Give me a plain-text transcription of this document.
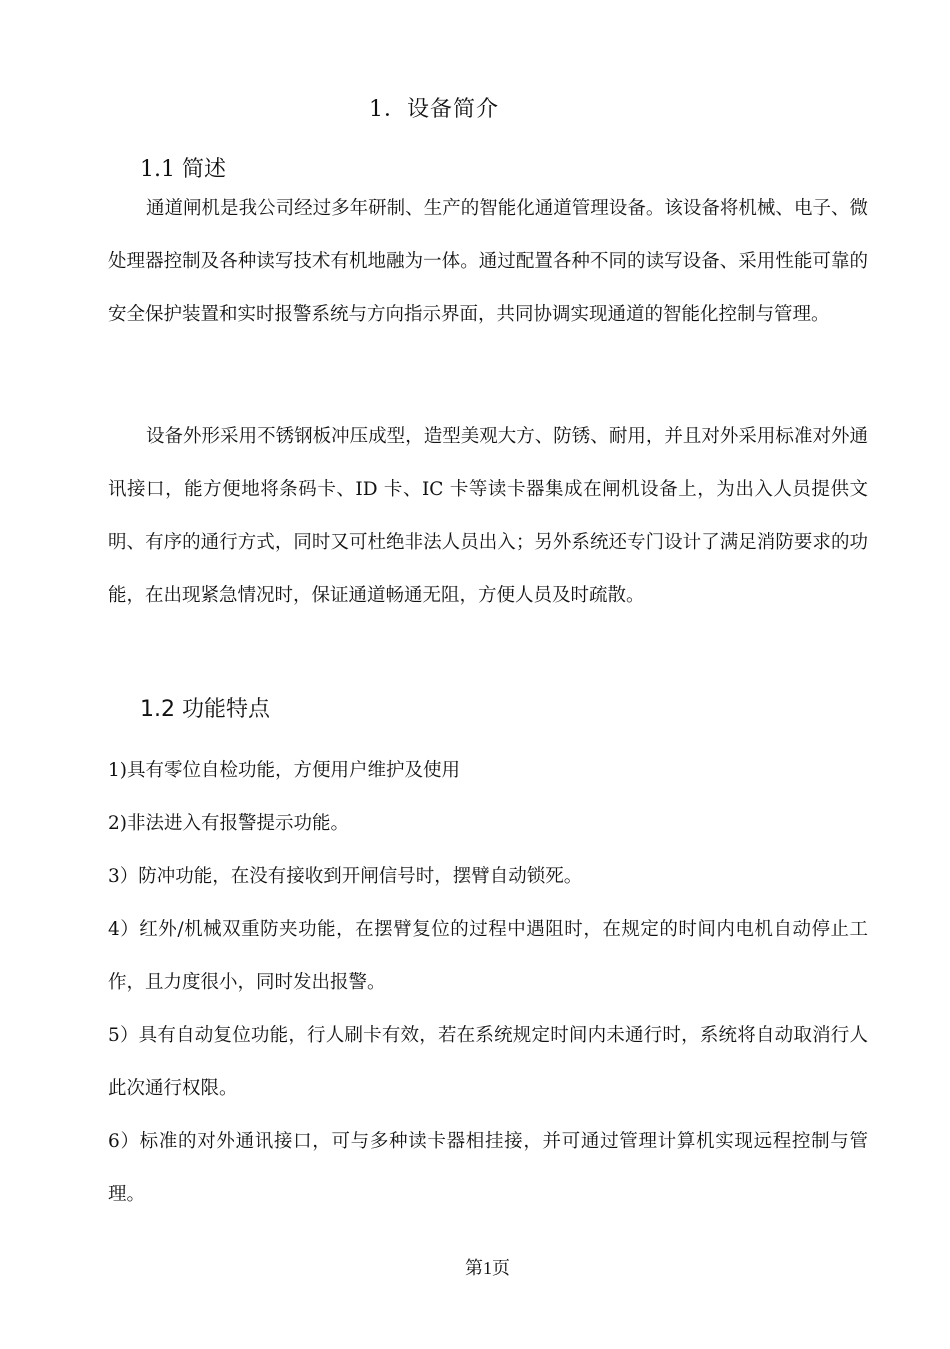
1．设备简介
1.1 简述

通道闸机是我公司经过多年研制、生产的智能化通道管理设备。该设备将机械、电子、微处理器控制及各种读写技术有机地融为一体。通过配置各种不同的读写设备、采用性能可靠的安全保护装置和实时报警系统与方向指示界面，共同协调实现通道的智能化控制与管理。

设备外形采用不锈钢板冲压成型，造型美观大方、防锈、耐用，并且对外采用标准对外通讯接口，能方便地将条码卡、ID 卡、IC 卡等读卡器集成在闸机设备上，为出入人员提供文明、有序的通行方式，同时又可杜绝非法人员出入；另外系统还专门设计了满足消防要求的功能，在出现紧急情况时，保证通道畅通无阻，方便人员及时疏散。

1.2 功能特点
1)具有零位自检功能，方便用户维护及使用
2)非法进入有报警提示功能。
3）防冲功能，在没有接收到开闸信号时，摆臂自动锁死。
4）红外/机械双重防夹功能，在摆臂复位的过程中遇阻时，在规定的时间内电机自动停止工作，且力度很小，同时发出报警。
5）具有自动复位功能，行人刷卡有效，若在系统规定时间内未通行时，系统将自动取消行人此次通行权限。
6）标准的对外通讯接口，可与多种读卡器相挂接，并可通过管理计算机实现远程控制与管理。
第1页
